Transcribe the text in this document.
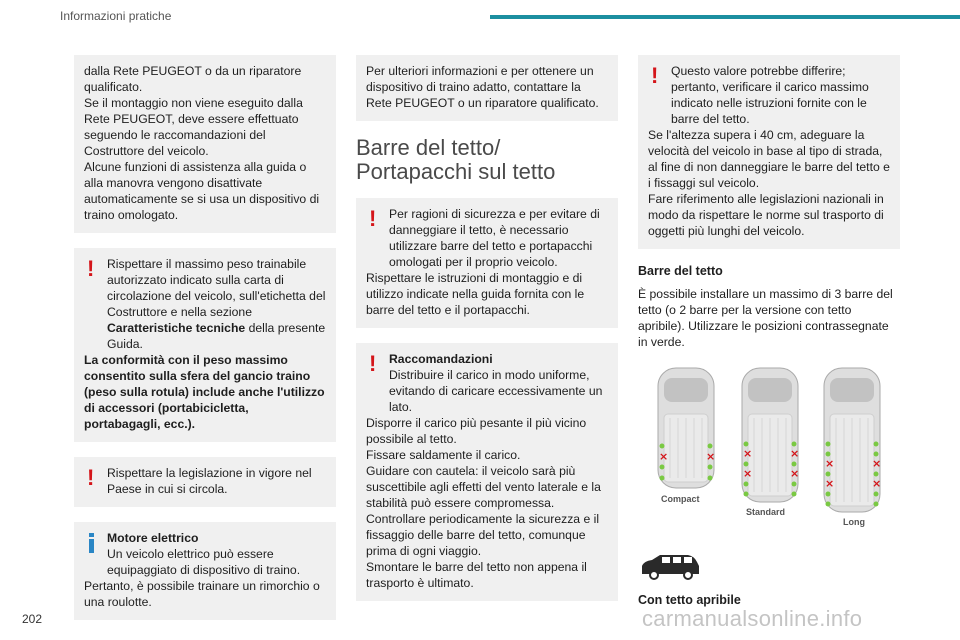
Informazioni pratiche

dalla Rete PEUGEOT o da un riparatore qualificato.

Se il montaggio non viene eseguito dalla Rete PEUGEOT, deve essere effettuato seguendo le raccomandazioni del Costruttore del veicolo.

Alcune funzioni di assistenza alla guida o alla manovra vengono disattivate automaticamente se si usa un dispositivo di traino omologato.

! Rispettare il massimo peso trainabile autorizzato indicato sulla carta di circolazione del veicolo, sull'etichetta del Costruttore e nella sezione Caratteristiche tecniche della presente Guida.

La conformità con il peso massimo consentito sulla sfera del gancio traino (peso sulla rotula) include anche l'utilizzo di accessori (portabicicletta, portabagagli, ecc.).

! Rispettare la legislazione in vigore nel Paese in cui si circola.

Motore elettrico

Un veicolo elettrico può essere equipaggiato di dispositivo di traino.

Pertanto, è possibile trainare un rimorchio o una roulotte.

Per ulteriori informazioni e per ottenere un dispositivo di traino adatto, contattare la Rete PEUGEOT o un riparatore qualificato.

Barre del tetto/
Portapacchi sul tetto
! Per ragioni di sicurezza e per evitare di danneggiare il tetto, è necessario utilizzare barre del tetto e portapacchi omologati per il proprio veicolo.

Rispettare le istruzioni di montaggio e di utilizzo indicate nella guida fornita con le barre del tetto e il portapacchi.

! Raccomandazioni

Distribuire il carico in modo uniforme, evitando di caricare eccessivamente un lato.

Disporre il carico più pesante il più vicino possibile al tetto.

Fissare saldamente il carico.

Guidare con cautela: il veicolo sarà più suscettibile agli effetti del vento laterale e la stabilità può essere compromessa.

Controllare periodicamente la sicurezza e il fissaggio delle barre del tetto, comunque prima di ogni viaggio.

Smontare le barre del tetto non appena il trasporto è ultimato.

! Questo valore potrebbe differire; pertanto, verificare il carico massimo indicato nelle istruzioni fornite con le barre del tetto.

Se l'altezza supera i 40 cm, adeguare la velocità del veicolo in base al tipo di strada, al fine di non danneggiare le barre del tetto e i fissaggi sul veicolo.

Fare riferimento alle legislazioni nazionali in modo da rispettare le norme sul trasporto di oggetti più lunghi del veicolo.

Barre del tetto
È possibile installare un massimo di 3 barre del tetto (o 2 barre per la versione con tetto apribile). Utilizzare le posizioni contrassegnate in verde.
×	×	×	×
×	×
×	×
×	×
Compact
Standard
Long
Con tetto apribile
202	carmanualsonline.info
